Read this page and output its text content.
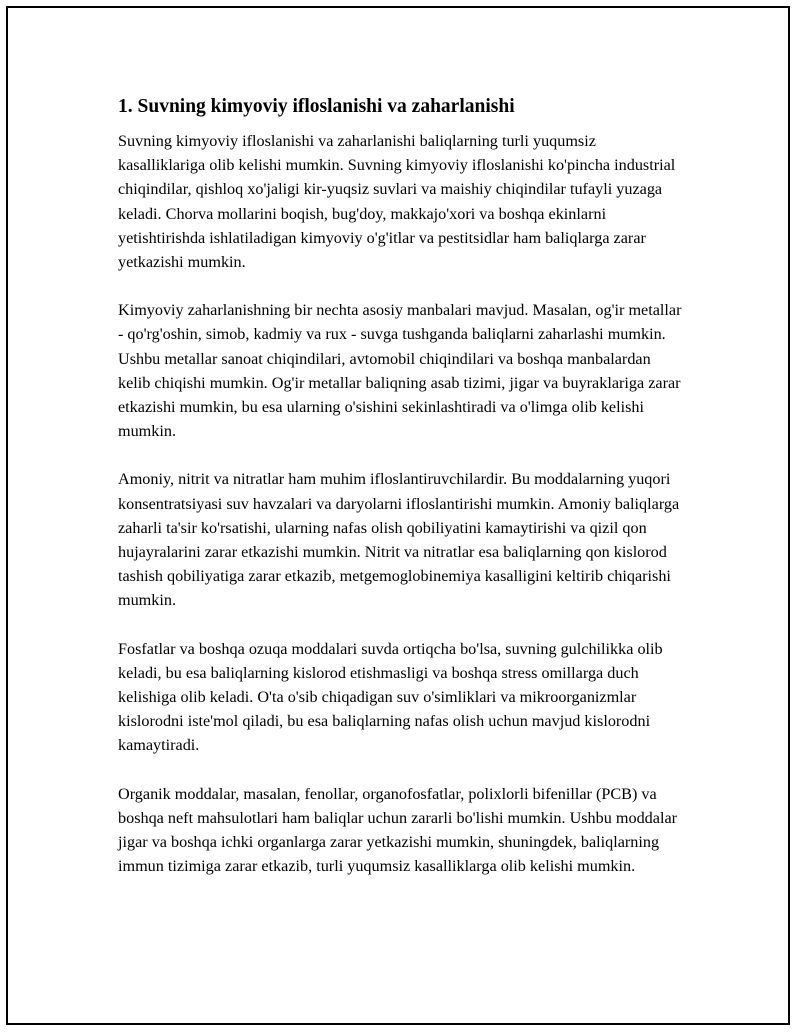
1. Suvning kimyoviy ifloslanishi va zaharlanishi

Suvning kimyoviy ifloslanishi va zaharlanishi baliqlarning turli yuqumsiz kasalliklariga olib kelishi mumkin. Suvning kimyoviy ifloslanishi ko'pincha industrial chiqindilar, qishloq xo'jaligi kir-yuqsiz suvlari va maishiy chiqindilar tufayli yuzaga keladi. Chorva mollarini boqish, bug'doy, makkajo'xori va boshqa ekinlarni yetishtirishda ishlatiladigan kimyoviy o'g'itlar va pestitsidlar ham baliqlarga zarar yetkazishi mumkin.

Kimyoviy zaharlanishning bir nechta asosiy manbalari mavjud. Masalan, og'ir metallar - qo'rg'oshin, simob, kadmiy va rux - suvga tushganda baliqlarni zaharlashi mumkin. Ushbu metallar sanoat chiqindilari, avtomobil chiqindilari va boshqa manbalardan kelib chiqishi mumkin. Og'ir metallar baliqning asab tizimi, jigar va buyraklariga zarar etkazishi mumkin, bu esa ularning o'sishini sekinlashtiradi va o'limga olib kelishi mumkin.

Amoniy, nitrit va nitratlar ham muhim ifloslantiruvchilardir. Bu moddalarning yuqori konsentratsiyasi suv havzalari va daryolarni ifloslantirishi mumkin. Amoniy baliqlarga zaharli ta'sir ko'rsatishi, ularning nafas olish qobiliyatini kamaytirishi va qizil qon hujayralarini zarar etkazishi mumkin. Nitrit va nitratlar esa baliqlarning qon kislorod tashish qobiliyatiga zarar etkazib, metgemoglobinemiya kasalligini keltirib chiqarishi mumkin.

Fosfatlar va boshqa ozuqa moddalari suvda ortiqcha bo'lsa, suvning gulchilikka olib keladi, bu esa baliqlarning kislorod etishmasligi va boshqa stress omillarga duch kelishiga olib keladi. O'ta o'sib chiqadigan suv o'simliklari va mikroorganizmlar kislorodni iste'mol qiladi, bu esa baliqlarning nafas olish uchun mavjud kislorodni kamaytiradi.

Organik moddalar, masalan, fenollar, organofosfatlar, polixlorli bifenillar (PCB) va boshqa neft mahsulotlari ham baliqlar uchun zararli bo'lishi mumkin. Ushbu moddalar jigar va boshqa ichki organlarga zarar yetkazishi mumkin, shuningdek, baliqlarning immun tizimiga zarar etkazib, turli yuqumsiz kasalliklarga olib kelishi mumkin.
